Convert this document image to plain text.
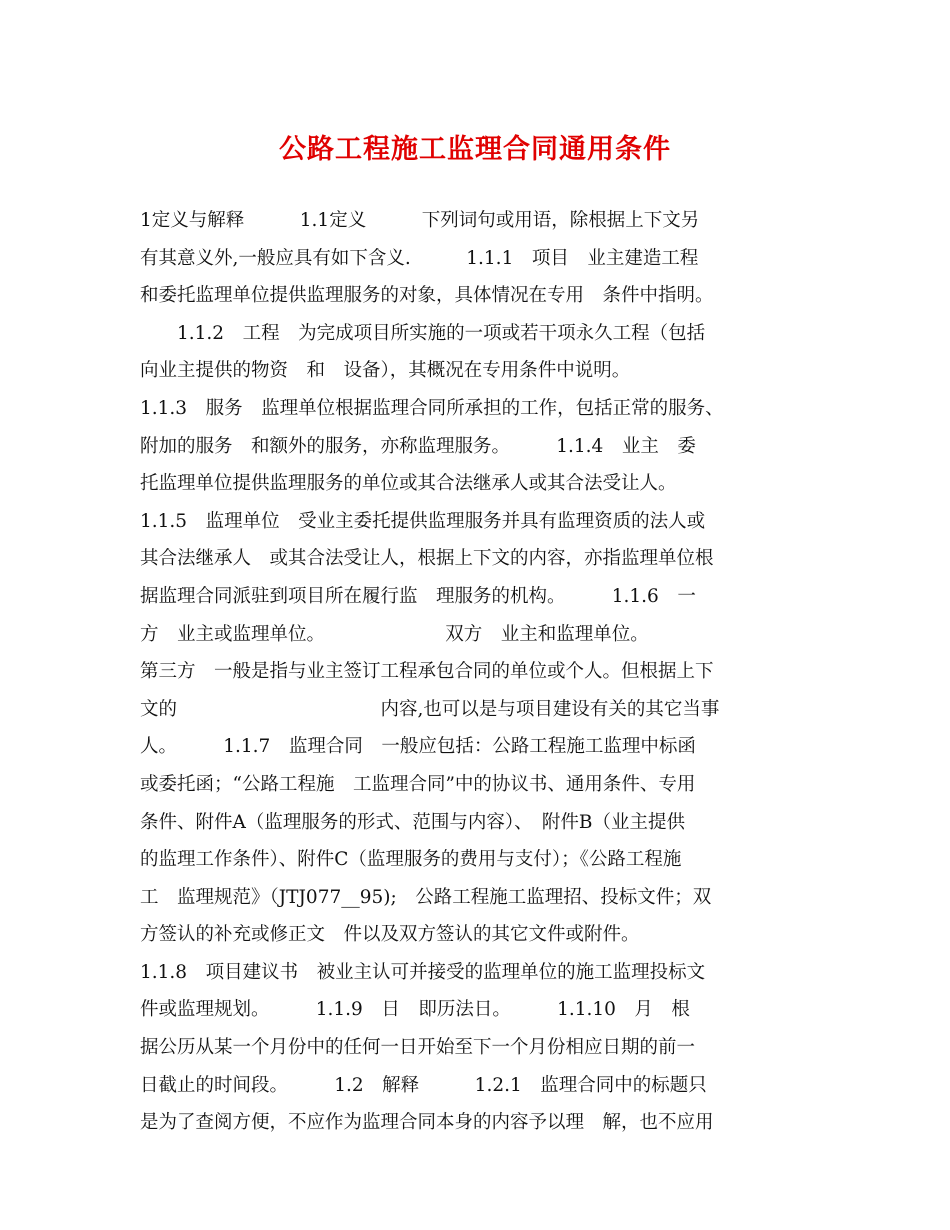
公路工程施工监理合同通用条件
1定义与解释　　　1.1定义　　　下列词句或用语，除根据上下文另
有其意义外,一般应具有如下含义.　　　1.1.1　项目　业主建造工程
和委托监理单位提供监理服务的对象，具体情况在专用　条件中指明。
　　1.1.2　工程　为完成项目所实施的一项或若干项永久工程（包括
向业主提供的物资　和　设备），其概况在专用条件中说明。
1.1.3　服务　监理单位根据监理合同所承担的工作，包括正常的服务、
附加的服务　和额外的服务，亦称监理服务。　　　1.1.4　业主　委
托监理单位提供监理服务的单位或其合法继承人或其合法受让人。
1.1.5　监理单位　受业主委托提供监理服务并具有监理资质的法人或
其合法继承人　或其合法受让人，根据上下文的内容，亦指监理单位根
据监理合同派驻到项目所在履行监　理服务的机构。　　　1.1.6　一
方　业主或监理单位。　　　　　　　双方　业主和监理单位。
第三方　一般是指与业主签订工程承包合同的单位或个人。但根据上下
文的　　　　　　　　　　　内容,也可以是与项目建设有关的其它当事
人。　　　1.1.7　监理合同　一般应包括：公路工程施工监理中标函
或委托函；“公路工程施　工监理合同”中的协议书、通用条件、专用
条件、附件A（监理服务的形式、范围与内容）、　附件B（业主提供
的监理工作条件）、附件C（监理服务的费用与支付）；《公路工程施
工　监理规范》（JTJ077__95);　公路工程施工监理招、投标文件；双
方签认的补充或修正文　件以及双方签认的其它文件或附件。
1.1.8　项目建议书　被业主认可并接受的监理单位的施工监理投标文
件或监理规划。　　　1.1.9　日　即历法日。　　　1.1.10　月　根
据公历从某一个月份中的任何一日开始至下一个月份相应日期的前一
日截止的时间段。　　　1.2　解释　　　1.2.1　监理合同中的标题只
是为了查阅方便，不应作为监理合同本身的内容予以理　解，也不应用
